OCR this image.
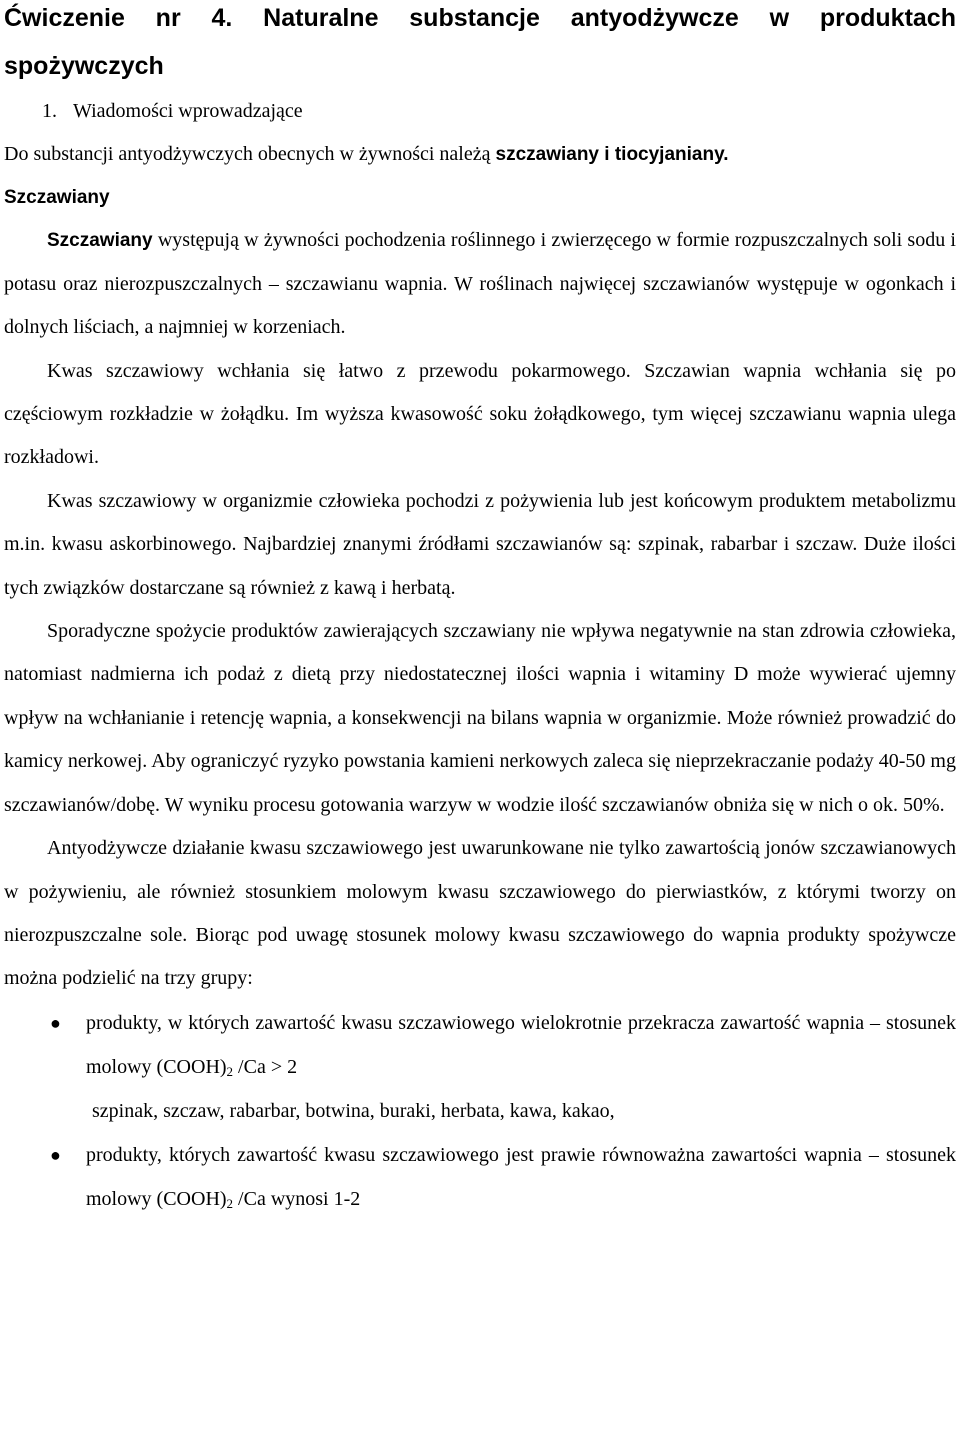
Ćwiczenie nr 4. Naturalne substancje antyodżywcze w produktach
spożywczych
1. Wiadomości wprowadzające

Do substancji antyodżywczych obecnych w żywności należą szczawiany i tiocyjaniany.

Szczawiany

Szczawiany występują w żywności pochodzenia roślinnego i zwierzęcego w formie rozpuszczalnych soli sodu i potasu oraz nierozpuszczalnych – szczawianu wapnia. W roślinach najwięcej szczawianów występuje w ogonkach i dolnych liściach, a najmniej w korzeniach.

Kwas szczawiowy wchłania się łatwo z przewodu pokarmowego. Szczawian wapnia wchłania się po częściowym rozkładzie w żołądku. Im wyższa kwasowość soku żołądkowego, tym więcej szczawianu wapnia ulega rozkładowi.

Kwas szczawiowy w organizmie człowieka pochodzi z pożywienia lub jest końcowym produktem metabolizmu m.in. kwasu askorbinowego. Najbardziej znanymi źródłami szczawianów są: szpinak, rabarbar i szczaw. Duże ilości tych związków dostarczane są również z kawą i herbatą.

Sporadyczne spożycie produktów zawierających szczawiany nie wpływa negatywnie na stan zdrowia człowieka, natomiast nadmierna ich podaż z dietą przy niedostatecznej ilości wapnia i witaminy D może wywierać ujemny wpływ na wchłanianie i retencję wapnia, a konsekwencji na bilans wapnia w organizmie. Może również prowadzić do kamicy nerkowej. Aby ograniczyć ryzyko powstania kamieni nerkowych zaleca się nieprzekraczanie podaży 40-50 mg szczawianów/dobę. W wyniku procesu gotowania warzyw w wodzie ilość szczawianów obniża się w nich o ok. 50%.

Antyodżywcze działanie kwasu szczawiowego jest uwarunkowane nie tylko zawartością jonów szczawianowych w pożywieniu, ale również stosunkiem molowym kwasu szczawiowego do pierwiastków, z którymi tworzy on nierozpuszczalne sole. Biorąc pod uwagę stosunek molowy kwasu szczawiowego do wapnia produkty spożywcze można podzielić na trzy grupy:

● produkty, w których zawartość kwasu szczawiowego wielokrotnie przekracza zawartość wapnia – stosunek molowy $(COOH)_2$ /Ca > 2
szpinak, szczaw, rabarbar, botwina, buraki, herbata, kawa, kakao,
● produkty, których zawartość kwasu szczawiowego jest prawie równoważna zawartości wapnia – stosunek molowy $(COOH)_2$ /Ca wynosi 1-2
